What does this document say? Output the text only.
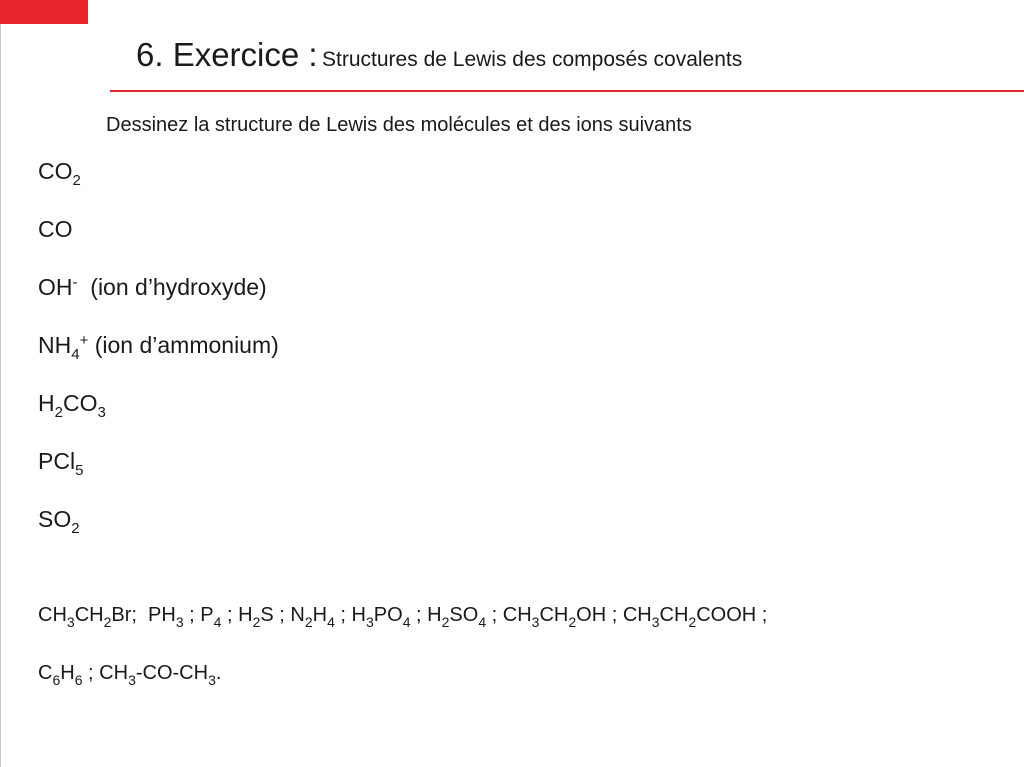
6. Exercice : Structures de Lewis des composés covalents
Dessinez la structure de Lewis des molécules et des ions suivants
$CO_2$
CO
OH-  (ion d’hydroxyde)
$NH_4^+$ (ion d’ammonium)
$H_2CO_3$
PCl$_5$
$SO_2$
$CH_3CH_2Br$;  $PH_3$ ; $P_4$ ; $H_2S$ ; $N_2H_4$ ; $H_3PO_4$ ; $H_2SO_4$ ; $CH_3CH_2OH$ ; $CH_3CH_2COOH$ ;
$C_6H_6$ ; $CH_3-CO-CH_3$.
